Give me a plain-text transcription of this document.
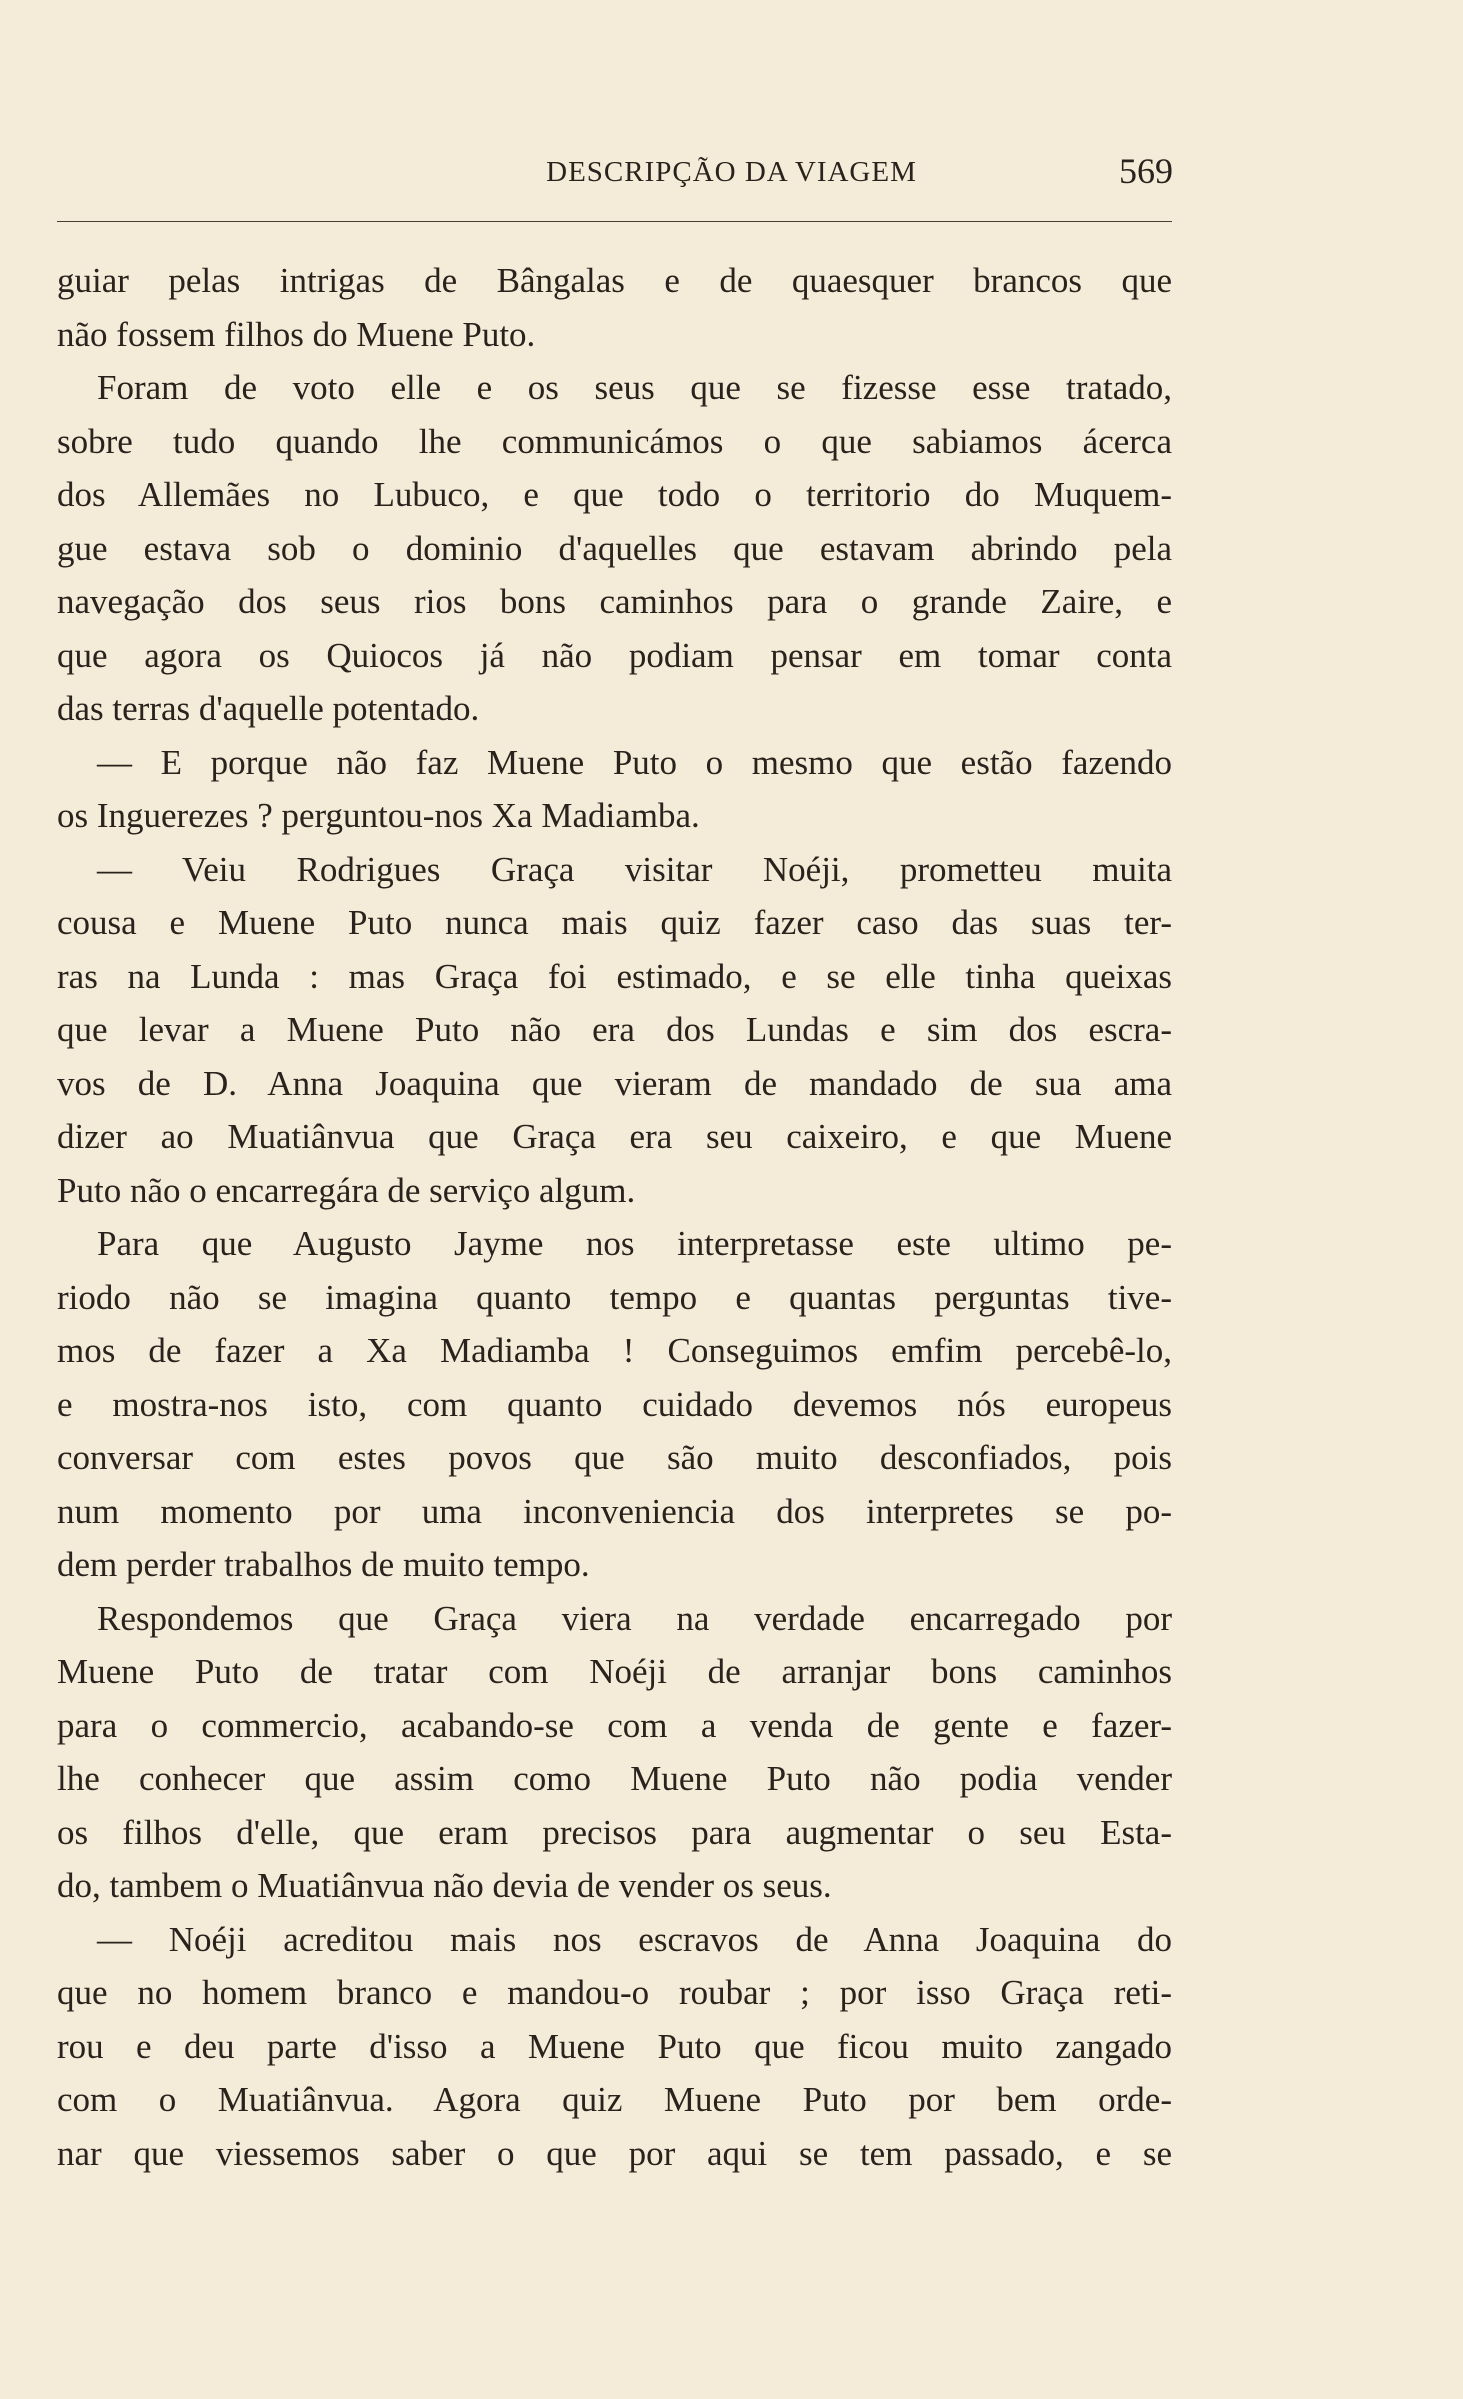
DESCRIPÇÃO DA VIAGEM	569
guiar pelas intrigas de Bângalas e de quaesquer brancos que
não fossem filhos do Muene Puto.
Foram de voto elle e os seus que se fizesse esse tratado,
sobre tudo quando lhe communicámos o que sabiamos ácerca
dos Allemães no Lubuco, e que todo o territorio do Muquem-
gue estava sob o dominio d'aquelles que estavam abrindo pela
navegação dos seus rios bons caminhos para o grande Zaire, e
que agora os Quiocos já não podiam pensar em tomar conta
das terras d'aquelle potentado.
— E porque não faz Muene Puto o mesmo que estão fazendo
os Inguerezes ? perguntou-nos Xa Madiamba.
— Veiu Rodrigues Graça visitar Noéji, prometteu muita
cousa e Muene Puto nunca mais quiz fazer caso das suas ter-
ras na Lunda : mas Graça foi estimado, e se elle tinha queixas
que levar a Muene Puto não era dos Lundas e sim dos escra-
vos de D. Anna Joaquina que vieram de mandado de sua ama
dizer ao Muatiânvua que Graça era seu caixeiro, e que Muene
Puto não o encarregára de serviço algum.
Para que Augusto Jayme nos interpretasse este ultimo pe-
riodo não se imagina quanto tempo e quantas perguntas tive-
mos de fazer a Xa Madiamba ! Conseguimos emfim percebê-lo,
e mostra-nos isto, com quanto cuidado devemos nós europeus
conversar com estes povos que são muito desconfiados, pois
num momento por uma inconveniencia dos interpretes se po-
dem perder trabalhos de muito tempo.
Respondemos que Graça viera na verdade encarregado por
Muene Puto de tratar com Noéji de arranjar bons caminhos
para o commercio, acabando-se com a venda de gente e fazer-
lhe conhecer que assim como Muene Puto não podia vender
os filhos d'elle, que eram precisos para augmentar o seu Esta-
do, tambem o Muatiânvua não devia de vender os seus.
— Noéji acreditou mais nos escravos de Anna Joaquina do
que no homem branco e mandou-o roubar ; por isso Graça reti-
rou e deu parte d'isso a Muene Puto que ficou muito zangado
com o Muatiânvua. Agora quiz Muene Puto por bem orde-
nar que viessemos saber o que por aqui se tem passado, e se
